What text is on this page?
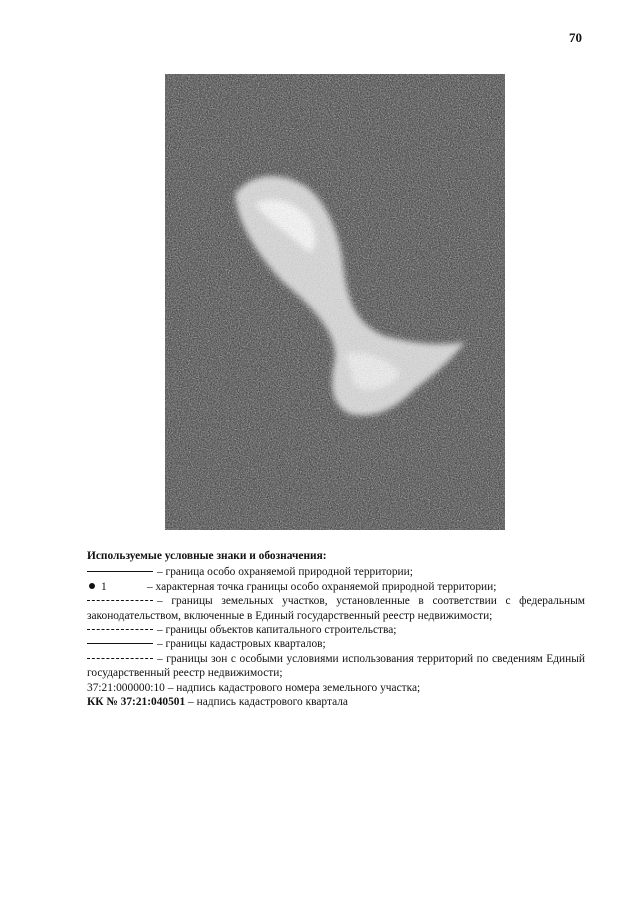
70

Используемые условные знаки и обозначения:

– граница особо охраняемой природной территории;

1	– характерная точка границы особо охраняемой природной территории;

– границы земельных участков, установленные в соответствии с федеральным законодательством, включенные в Единый государственный реестр недвижимости;

– границы объектов капитального строительства;

– границы кадастровых кварталов;

– границы зон с особыми условиями использования территорий по сведениям Единый государственный реестр недвижимости;

37:21:000000:10 – надпись кадастрового номера земельного участка;

КК № 37:21:040501 – надпись кадастрового квартала
